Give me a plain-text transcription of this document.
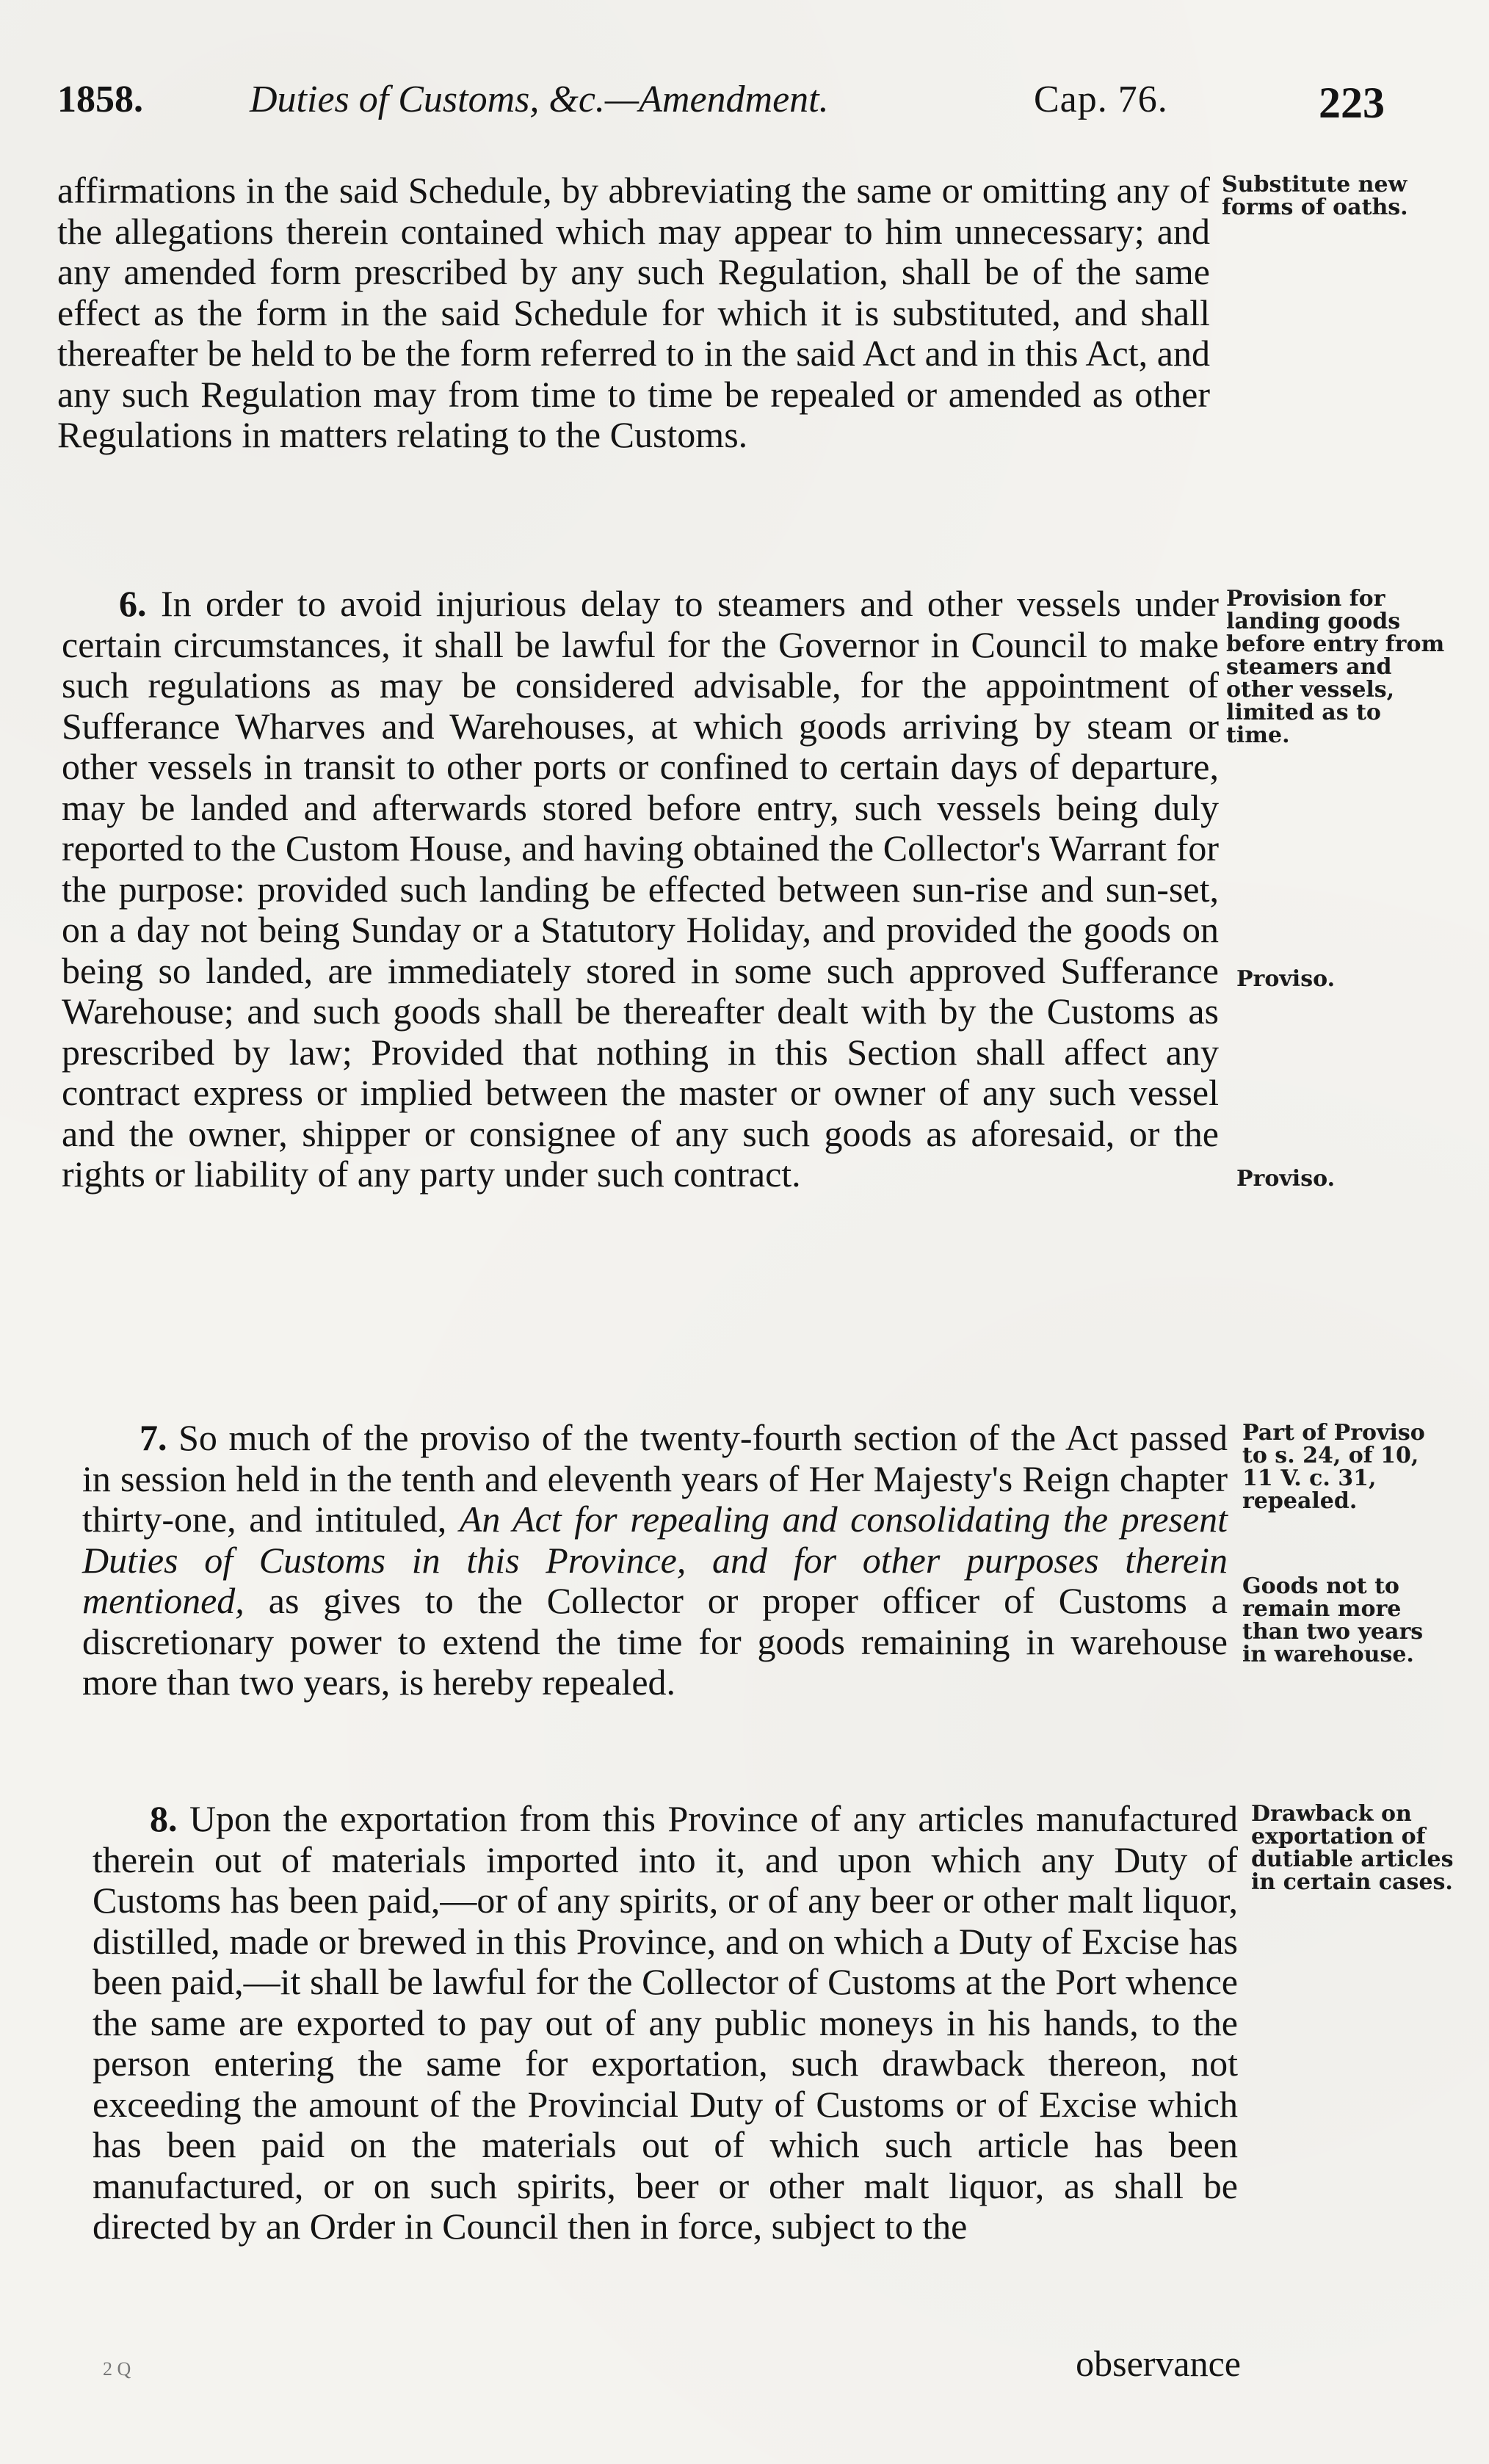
1858.	Duties of Customs, &c.—Amendment.	Cap. 76.	223

affirmations in the said Schedule, by abbreviating the same or omitting any of the allegations therein contained which may appear to him unnecessary; and any amended form prescribed by any such Regulation, shall be of the same effect as the form in the said Schedule for which it is substituted, and shall thereafter be held to be the form referred to in the said Act and in this Act, and any such Regulation may from time to time be repealed or amended as other Regulations in matters relating to the Customs.

Substitute new forms of oaths.

6. In order to avoid injurious delay to steamers and other vessels under certain circumstances, it shall be lawful for the Governor in Council to make such regulations as may be considered advisable, for the appointment of Sufferance Wharves and Warehouses, at which goods arriving by steam or other vessels in transit to other ports or confined to certain days of departure, may be landed and afterwards stored before entry, such vessels being duly reported to the Custom House, and having obtained the Collector's Warrant for the purpose: provided such landing be effected between sun-rise and sun-set, on a day not being Sunday or a Statutory Holiday, and provided the goods on being so landed, are immediately stored in some such approved Sufferance Warehouse; and such goods shall be thereafter dealt with by the Customs as prescribed by law; Provided that nothing in this Section shall affect any contract express or implied between the master or owner of any such vessel and the owner, shipper or consignee of any such goods as aforesaid, or the rights or liability of any party under such contract.

Provision for landing goods before entry from steamers and other vessels, limited as to time.

Proviso.

Proviso.

7. So much of the proviso of the twenty-fourth section of the Act passed in session held in the tenth and eleventh years of Her Majesty's Reign chapter thirty-one, and intituled, An Act for repealing and consolidating the present Duties of Customs in this Province, and for other purposes therein mentioned, as gives to the Collector or proper officer of Customs a discretionary power to extend the time for goods remaining in warehouse more than two years, is hereby repealed.

Part of Proviso to s. 24, of 10, 11 V. c. 31, repealed.

Goods not to remain more than two years in warehouse.

8. Upon the exportation from this Province of any articles manufactured therein out of materials imported into it, and upon which any Duty of Customs has been paid,—or of any spirits, or of any beer or other malt liquor, distilled, made or brewed in this Province, and on which a Duty of Excise has been paid,—it shall be lawful for the Collector of Customs at the Port whence the same are exported to pay out of any public moneys in his hands, to the person entering the same for exportation, such drawback thereon, not exceeding the amount of the Provincial Duty of Customs or of Excise which has been paid on the materials out of which such article has been manufactured, or on such spirits, beer or other malt liquor, as shall be directed by an Order in Council then in force, subject to the

Drawback on exportation of dutiable articles in certain cases.

observance
2 Q
